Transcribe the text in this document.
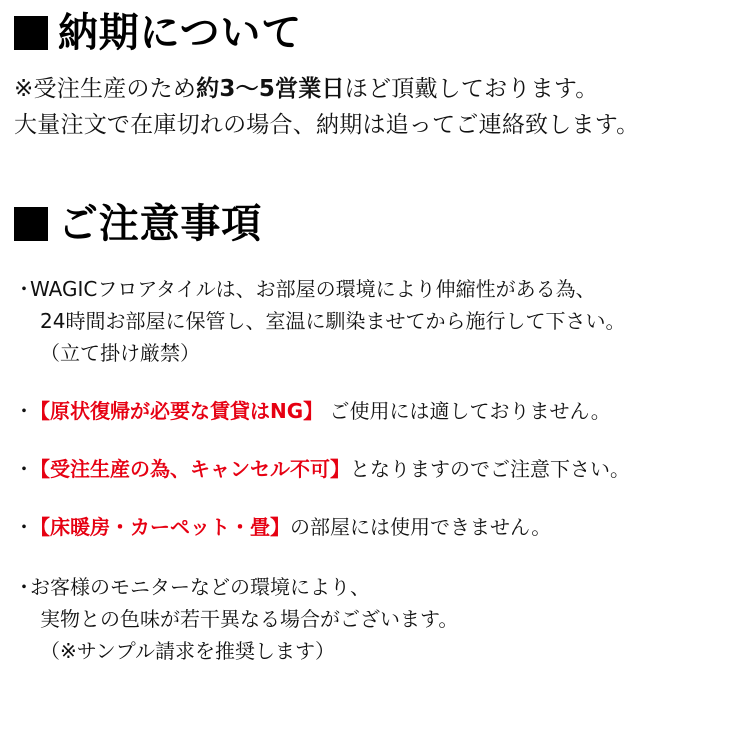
納期について
※受注生産のため約3〜5営業日ほど頂戴しております。
大量注文で在庫切れの場合、納期は追ってご連絡致します。
ご注意事項
・
WAGICフロアタイルは、お部屋の環境により伸縮性がある為、
24時間お部屋に保管し、室温に馴染ませてから施行して下さい。
（立て掛け厳禁）
・
【原状復帰が必要な賃貸はNG】 ご使用には適しておりません。
・
【受注生産の為、キャンセル不可】となりますのでご注意下さい。
・
【床暖房・カーペット・畳】の部屋には使用できません。
・
お客様のモニターなどの環境により、
実物との色味が若干異なる場合がございます。
（※サンプル請求を推奨します）
